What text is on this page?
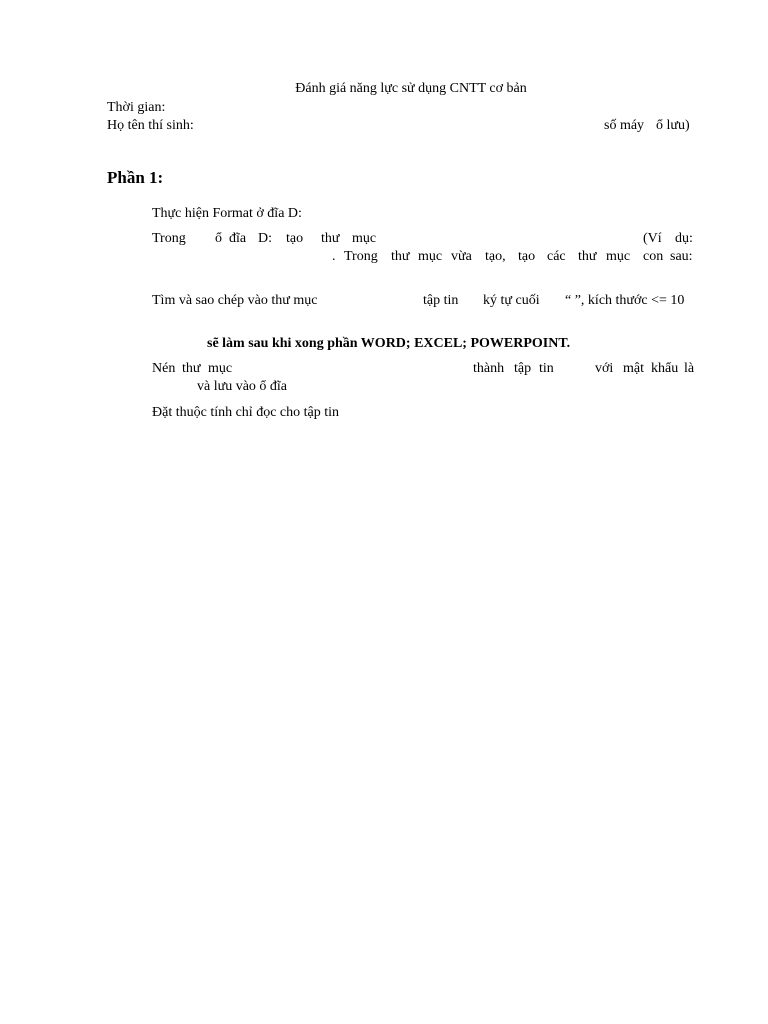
Đánh giá năng lực sử dụng CNTT cơ bản
Thời gian:
Họ tên thí sinh:	số máy ổ lưu)
Phần 1:
Thực hiện Format ở đĩa D:
Trong ổ đĩa D: tạo thư mục	(Ví dụ:
. Trong thư mục vừa tạo, tạo các thư mục con sau:
Tìm và sao chép vào thư mục	tập tin ký tự cuối “ ”, kích thước <= 10
sẽ làm sau khi xong phần WORD; EXCEL; POWERPOINT.
Nén thư mục	thành tập tin	với mật khẩu là
và lưu vào ổ đĩa
Đặt thuộc tính chỉ đọc cho tập tin
